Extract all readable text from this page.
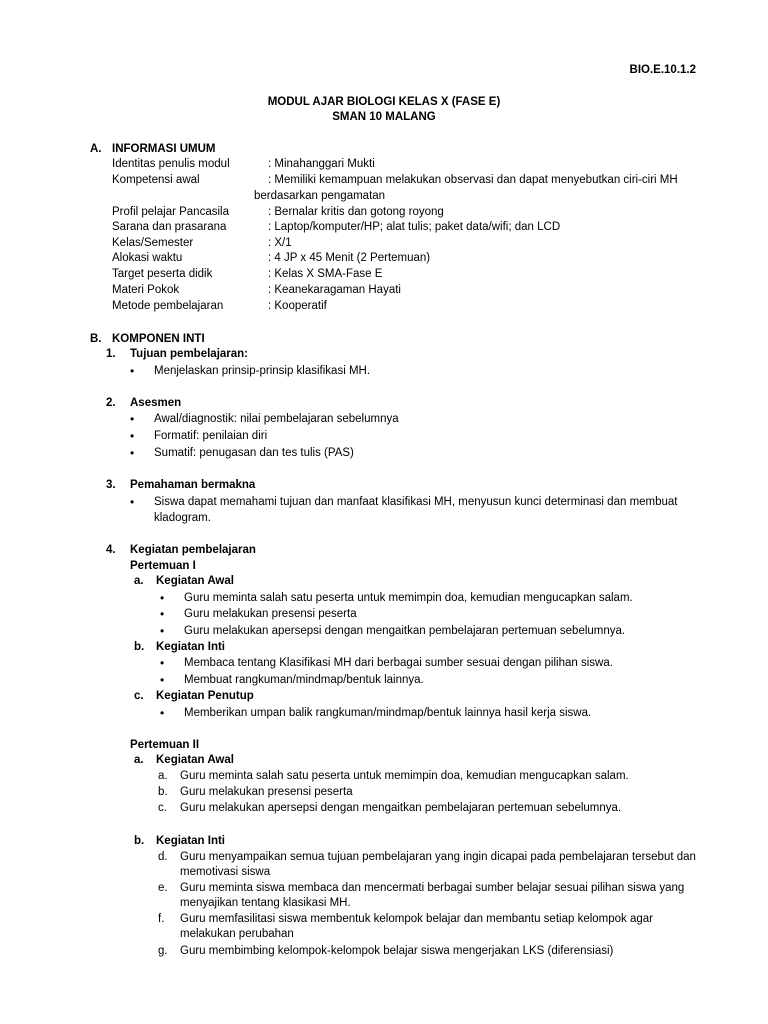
BIO.E.10.1.2
MODUL AJAR BIOLOGI KELAS X (FASE E)
SMAN 10 MALANG
A. INFORMASI UMUM
Identitas penulis modul	: Minahanggari Mukti
Kompetensi awal	: Memiliki kemampuan melakukan observasi dan dapat menyebutkan ciri-ciri MH
berdasarkan pengamatan
Profil pelajar Pancasila	: Bernalar kritis dan gotong royong
Sarana dan prasarana	: Laptop/komputer/HP; alat tulis; paket data/wifi; dan LCD
Kelas/Semester	: X/1
Alokasi waktu	: 4 JP x 45 Menit (2 Pertemuan)
Target peserta didik	: Kelas X SMA-Fase E
Materi Pokok	: Keanekaragaman Hayati
Metode pembelajaran	: Kooperatif
B. KOMPONEN INTI
1. Tujuan pembelajaran:
• Menjelaskan prinsip-prinsip klasifikasi MH.
2. Asesmen
• Awal/diagnostik: nilai pembelajaran sebelumnya
• Formatif: penilaian diri
• Sumatif: penugasan dan tes tulis (PAS)
3. Pemahaman bermakna
• Siswa dapat memahami tujuan dan manfaat klasifikasi MH, menyusun kunci determinasi dan membuat
kladogram.
4. Kegiatan pembelajaran
Pertemuan I
a. Kegiatan Awal
• Guru meminta salah satu peserta untuk memimpin doa, kemudian mengucapkan salam.
• Guru melakukan presensi peserta
• Guru melakukan apersepsi dengan mengaitkan pembelajaran pertemuan sebelumnya.
b. Kegiatan Inti
• Membaca tentang Klasifikasi MH dari berbagai sumber sesuai dengan pilihan siswa.
• Membuat rangkuman/mindmap/bentuk lainnya.
c. Kegiatan Penutup
• Memberikan umpan balik rangkuman/mindmap/bentuk lainnya hasil kerja siswa.
Pertemuan II
a. Kegiatan Awal
a. Guru meminta salah satu peserta untuk memimpin doa, kemudian mengucapkan salam.
b. Guru melakukan presensi peserta
c. Guru melakukan apersepsi dengan mengaitkan pembelajaran pertemuan sebelumnya.
b. Kegiatan Inti
d. Guru menyampaikan semua tujuan pembelajaran yang ingin dicapai pada pembelajaran tersebut dan
memotivasi siswa
e. Guru meminta siswa membaca dan mencermati berbagai sumber belajar sesuai pilihan siswa yang
menyajikan tentang klasikasi MH.
f. Guru memfasilitasi siswa membentuk kelompok belajar dan membantu setiap kelompok agar
melakukan perubahan
g. Guru membimbing kelompok-kelompok belajar siswa mengerjakan LKS (diferensiasi)
